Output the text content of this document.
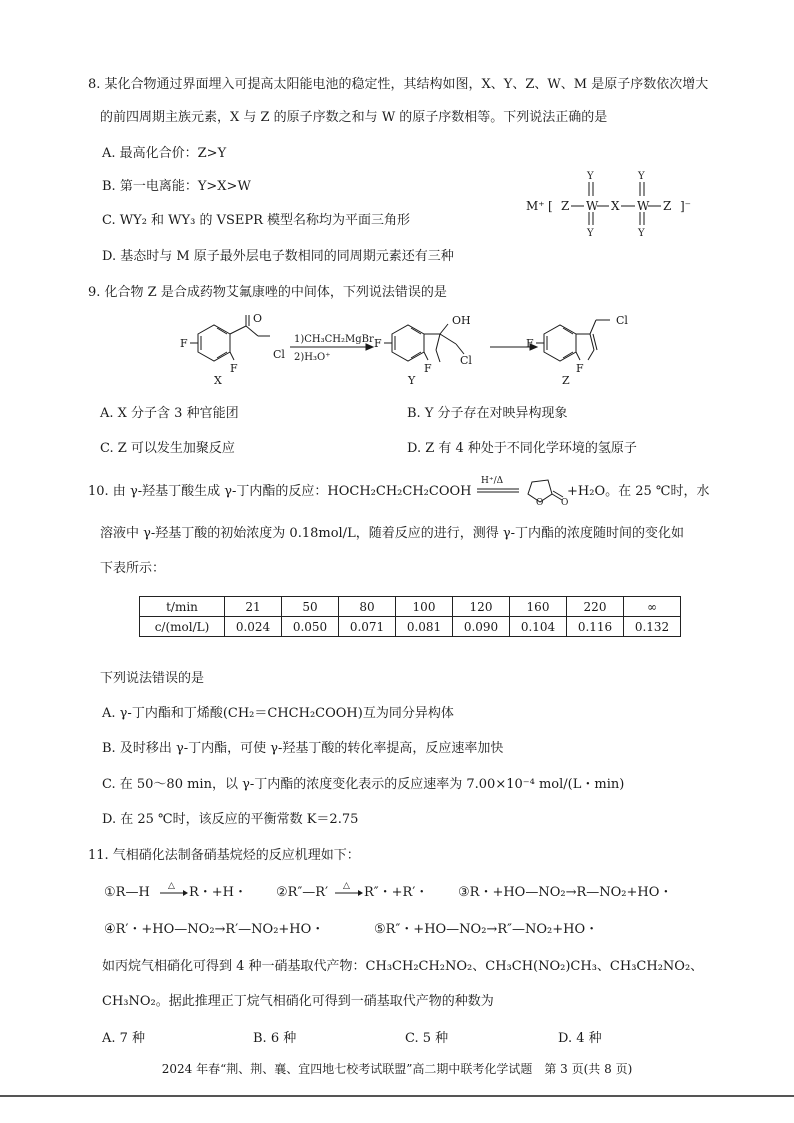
8. 某化合物通过界面埋入可提高太阳能电池的稳定性，其结构如图，X、Y、Z、W、M 是原子序数依次增大
的前四周期主族元素，X 与 Z 的原子序数之和与 W 的原子序数相等。下列说法正确的是
A. 最高化合价：Z>Y
B. 第一电离能：Y>X>W
C. WY₂ 和 WY₃ 的 VSEPR 模型名称均为平面三角形
D. 基态时与 M 原子最外层电子数相同的同周期元素还有三种
M⁺ [ Z W X W Z ]⁻
Y
Y
Y
Y
9. 化合物 Z 是合成药物艾氟康唑的中间体，下列说法错误的是
F
F
X
O
Cl
1)CH₃CH₂MgBr
2)H₃O⁺
F
F
Y
OH
Cl
F
F
Z
Cl
A. X 分子含 3 种官能团	B. Y 分子存在对映异构现象
C. Z 可以发生加聚反应	D. Z 有 4 种处于不同化学环境的氢原子
10. 由 γ-羟基丁酸生成 γ-丁内酯的反应：HOCH₂CH₂CH₂COOH
H⁺/Δ
O O
+H₂O。在 25 ℃时，水
溶液中 γ-羟基丁酸的初始浓度为 0.18mol/L，随着反应的进行，测得 γ-丁内酯的浓度随时间的变化如
下表所示：
t/min	21	50	80	100	120	160	220	∞
c/(mol/L)	0.024	0.050	0.071	0.081	0.090	0.104	0.116	0.132
下列说法错误的是
A. γ-丁内酯和丁烯酸(CH₂＝CHCH₂COOH)互为同分异构体
B. 及时移出 γ-丁内酯，可使 γ-羟基丁酸的转化率提高，反应速率加快
C. 在 50～80 min，以 γ-丁内酯的浓度变化表示的反应速率为 7.00×10⁻⁴ mol/(L・min)
D. 在 25 ℃时，该反应的平衡常数 K＝2.75
11. 气相硝化法制备硝基烷烃的反应机理如下：
①R—H △ R・+H・ ②R″—R′ △ R″・+R′・ ③R・+HO—NO₂→R—NO₂+HO・
④R′・+HO—NO₂→R′—NO₂+HO・	⑤R″・+HO—NO₂→R″—NO₂+HO・
如丙烷气相硝化可得到 4 种一硝基取代产物：CH₃CH₂CH₂NO₂、CH₃CH(NO₂)CH₃、CH₃CH₂NO₂、
CH₃NO₂。据此推理正丁烷气相硝化可得到一硝基取代产物的种数为
A. 7 种	B. 6 种	C. 5 种	D. 4 种
2024 年春“荆、荆、襄、宜四地七校考试联盟”高二期中联考化学试题　第 3 页(共 8 页)
